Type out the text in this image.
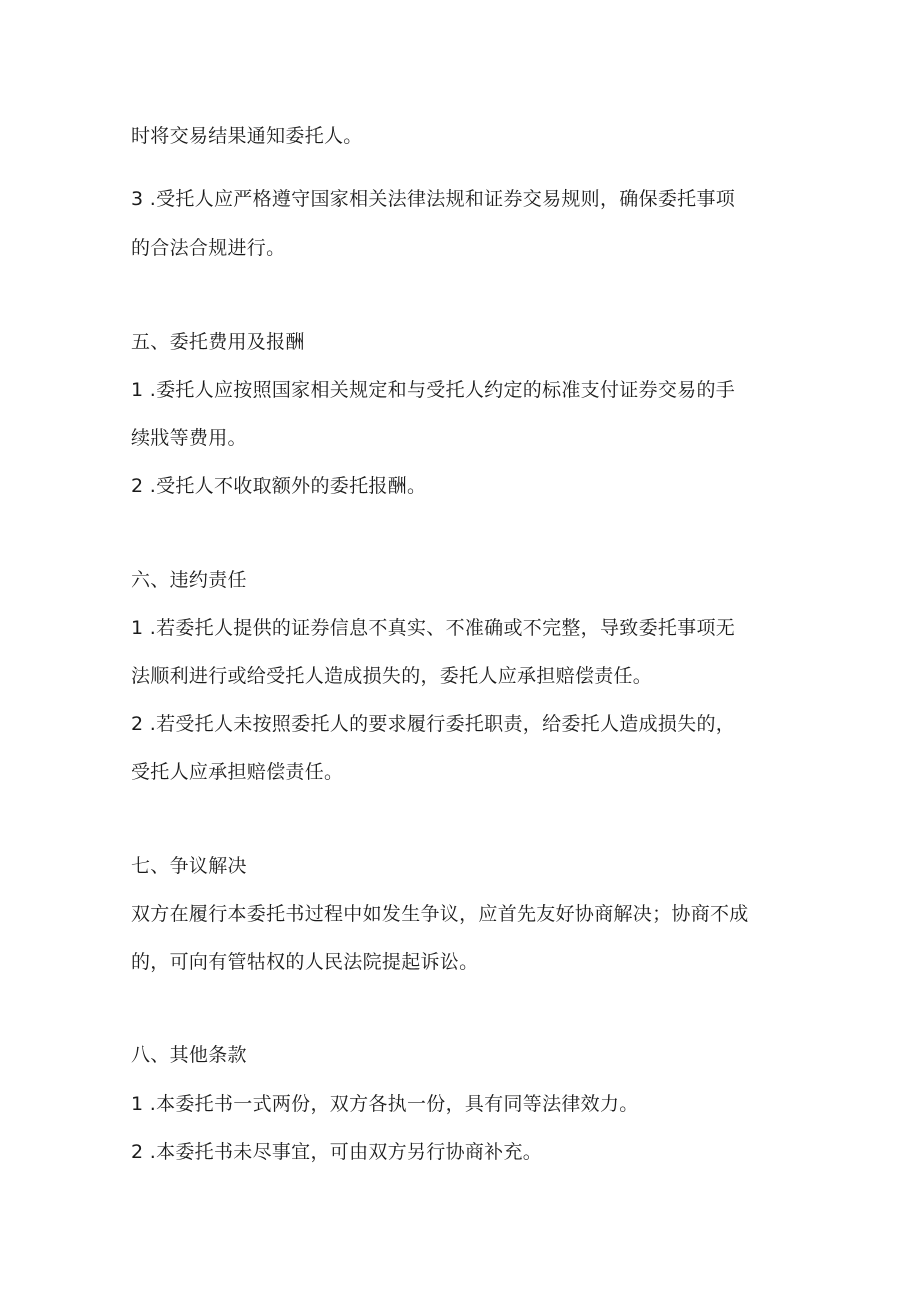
时将交易结果通知委托人。
3 .受托人应严格遵守国家相关法律法规和证券交易规则，确保委托事项
的合法合规进行。
五、委托费用及报酬
1 .委托人应按照国家相关规定和与受托人约定的标准支付证券交易的手
续戕等费用。
2 .受托人不收取额外的委托报酬。
六、违约责任
1 .若委托人提供的证券信息不真实、不准确或不完整，导致委托事项无
法顺利进行或给受托人造成损失的，委托人应承担赔偿责任。
2 .若受托人未按照委托人的要求履行委托职责，给委托人造成损失的，
受托人应承担赔偿责任。
七、争议解决
双方在履行本委托书过程中如发生争议，应首先友好协商解决；协商不成
的，可向有管牯权的人民法院提起诉讼。
八、其他条款
1 .本委托书一式两份，双方各执一份，具有同等法律效力。
2 .本委托书未尽事宜，可由双方另行协商补充。
